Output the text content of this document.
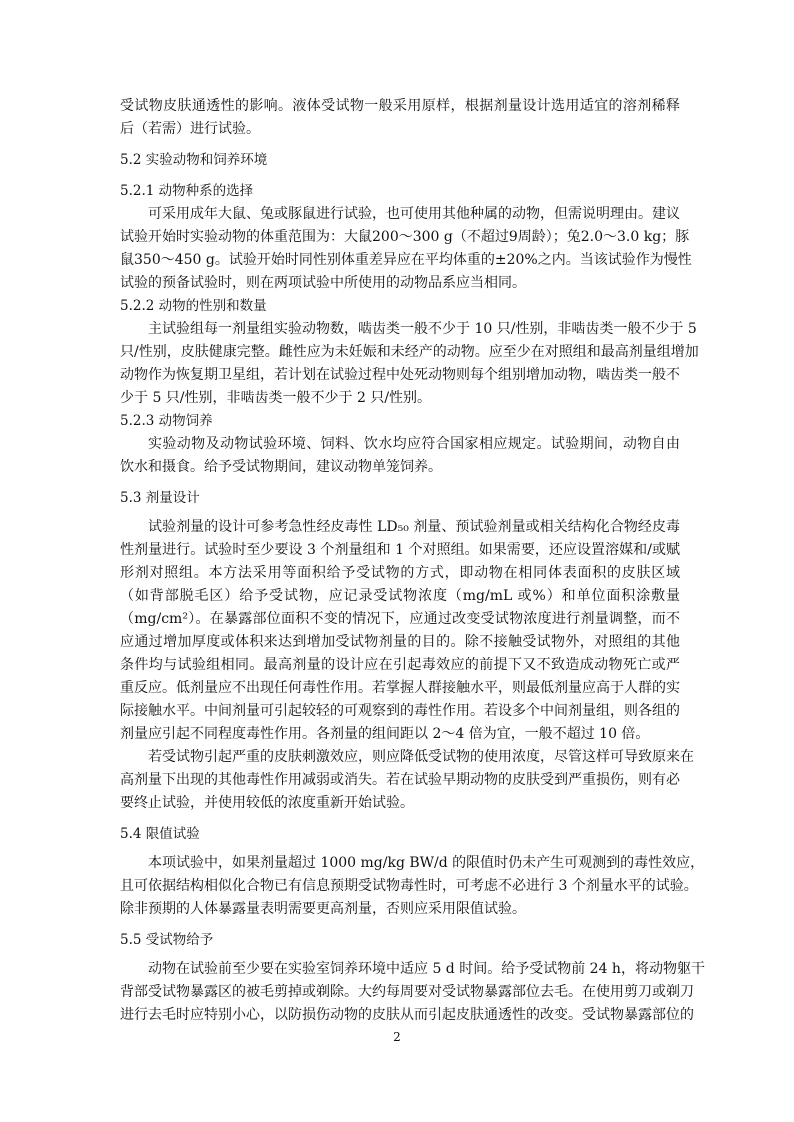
受试物皮肤通透性的影响。液体受试物一般采用原样，根据剂量设计选用适宜的溶剂稀释
后（若需）进行试验。
5.2 实验动物和饲养环境
5.2.1 动物种系的选择
可采用成年大鼠、兔或豚鼠进行试验，也可使用其他种属的动物，但需说明理由。建议
试验开始时实验动物的体重范围为：大鼠200～300 g（不超过9周龄）；兔2.0～3.0 kg；豚
鼠350～450 g。试验开始时同性别体重差异应在平均体重的±20%之内。当该试验作为慢性
试验的预备试验时，则在两项试验中所使用的动物品系应当相同。
5.2.2 动物的性别和数量
主试验组每一剂量组实验动物数，啮齿类一般不少于 10 只/性别，非啮齿类一般不少于 5
只/性别，皮肤健康完整。雌性应为未妊娠和未经产的动物。应至少在对照组和最高剂量组增加
动物作为恢复期卫星组，若计划在试验过程中处死动物则每个组别增加动物，啮齿类一般不
少于 5 只/性别，非啮齿类一般不少于 2 只/性别。
5.2.3 动物饲养
实验动物及动物试验环境、饲料、饮水均应符合国家相应规定。试验期间，动物自由
饮水和摄食。给予受试物期间，建议动物单笼饲养。
5.3 剂量设计
试验剂量的设计可参考急性经皮毒性 LD₅₀ 剂量、预试验剂量或相关结构化合物经皮毒
性剂量进行。试验时至少要设 3 个剂量组和 1 个对照组。如果需要，还应设置溶媒和/或赋
形剂对照组。本方法采用等面积给予受试物的方式，即动物在相同体表面积的皮肤区域
（如背部脱毛区）给予受试物，应记录受试物浓度（mg/mL 或%）和单位面积涂敷量
（mg/cm²）。在暴露部位面积不变的情况下，应通过改变受试物浓度进行剂量调整，而不
应通过增加厚度或体积来达到增加受试物剂量的目的。除不接触受试物外，对照组的其他
条件均与试验组相同。最高剂量的设计应在引起毒效应的前提下又不致造成动物死亡或严
重反应。低剂量应不出现任何毒性作用。若掌握人群接触水平，则最低剂量应高于人群的实
际接触水平。中间剂量可引起较轻的可观察到的毒性作用。若设多个中间剂量组，则各组的
剂量应引起不同程度毒性作用。各剂量的组间距以 2～4 倍为宜，一般不超过 10 倍。
若受试物引起严重的皮肤刺激效应，则应降低受试物的使用浓度，尽管这样可导致原来在
高剂量下出现的其他毒性作用减弱或消失。若在试验早期动物的皮肤受到严重损伤，则有必
要终止试验，并使用较低的浓度重新开始试验。
5.4 限值试验
本项试验中，如果剂量超过 1000 mg/kg BW/d 的限值时仍未产生可观测到的毒性效应，
且可依据结构相似化合物已有信息预期受试物毒性时，可考虑不必进行 3 个剂量水平的试验。
除非预期的人体暴露量表明需要更高剂量，否则应采用限值试验。
5.5 受试物给予
动物在试验前至少要在实验室饲养环境中适应 5 d 时间。给予受试物前 24 h，将动物躯干
背部受试物暴露区的被毛剪掉或剃除。大约每周要对受试物暴露部位去毛。在使用剪刀或剃刀
进行去毛时应特别小心，以防损伤动物的皮肤从而引起皮肤通透性的改变。受试物暴露部位的
2
